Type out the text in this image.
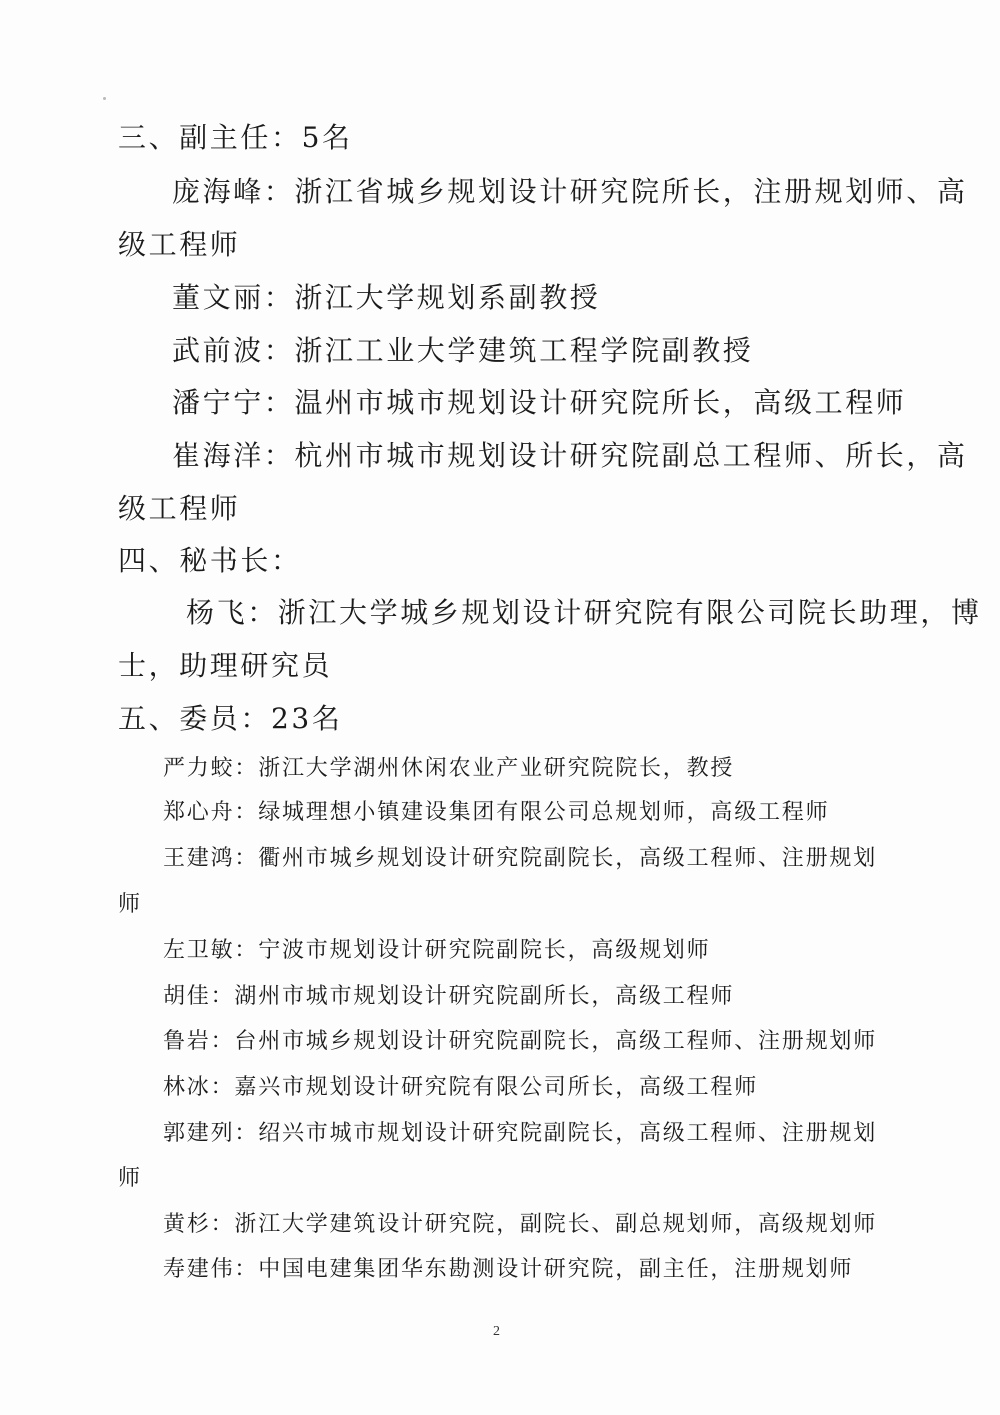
三、副主任：5名
庞海峰：浙江省城乡规划设计研究院所长，注册规划师、高
级工程师
董文丽：浙江大学规划系副教授
武前波：浙江工业大学建筑工程学院副教授
潘宁宁：温州市城市规划设计研究院所长，高级工程师
崔海洋：杭州市城市规划设计研究院副总工程师、所长，高
级工程师
四、秘书长：
杨飞：浙江大学城乡规划设计研究院有限公司院长助理，博
士，助理研究员
五、委员：23名
严力蛟：浙江大学湖州休闲农业产业研究院院长，教授
郑心舟：绿城理想小镇建设集团有限公司总规划师，高级工程师
王建鸿：衢州市城乡规划设计研究院副院长，高级工程师、注册规划
师
左卫敏：宁波市规划设计研究院副院长，高级规划师
胡佳：湖州市城市规划设计研究院副所长，高级工程师
鲁岩：台州市城乡规划设计研究院副院长，高级工程师、注册规划师
林冰：嘉兴市规划设计研究院有限公司所长，高级工程师
郭建列：绍兴市城市规划设计研究院副院长，高级工程师、注册规划
师
黄杉：浙江大学建筑设计研究院，副院长、副总规划师，高级规划师
寿建伟：中国电建集团华东勘测设计研究院，副主任，注册规划师
2
